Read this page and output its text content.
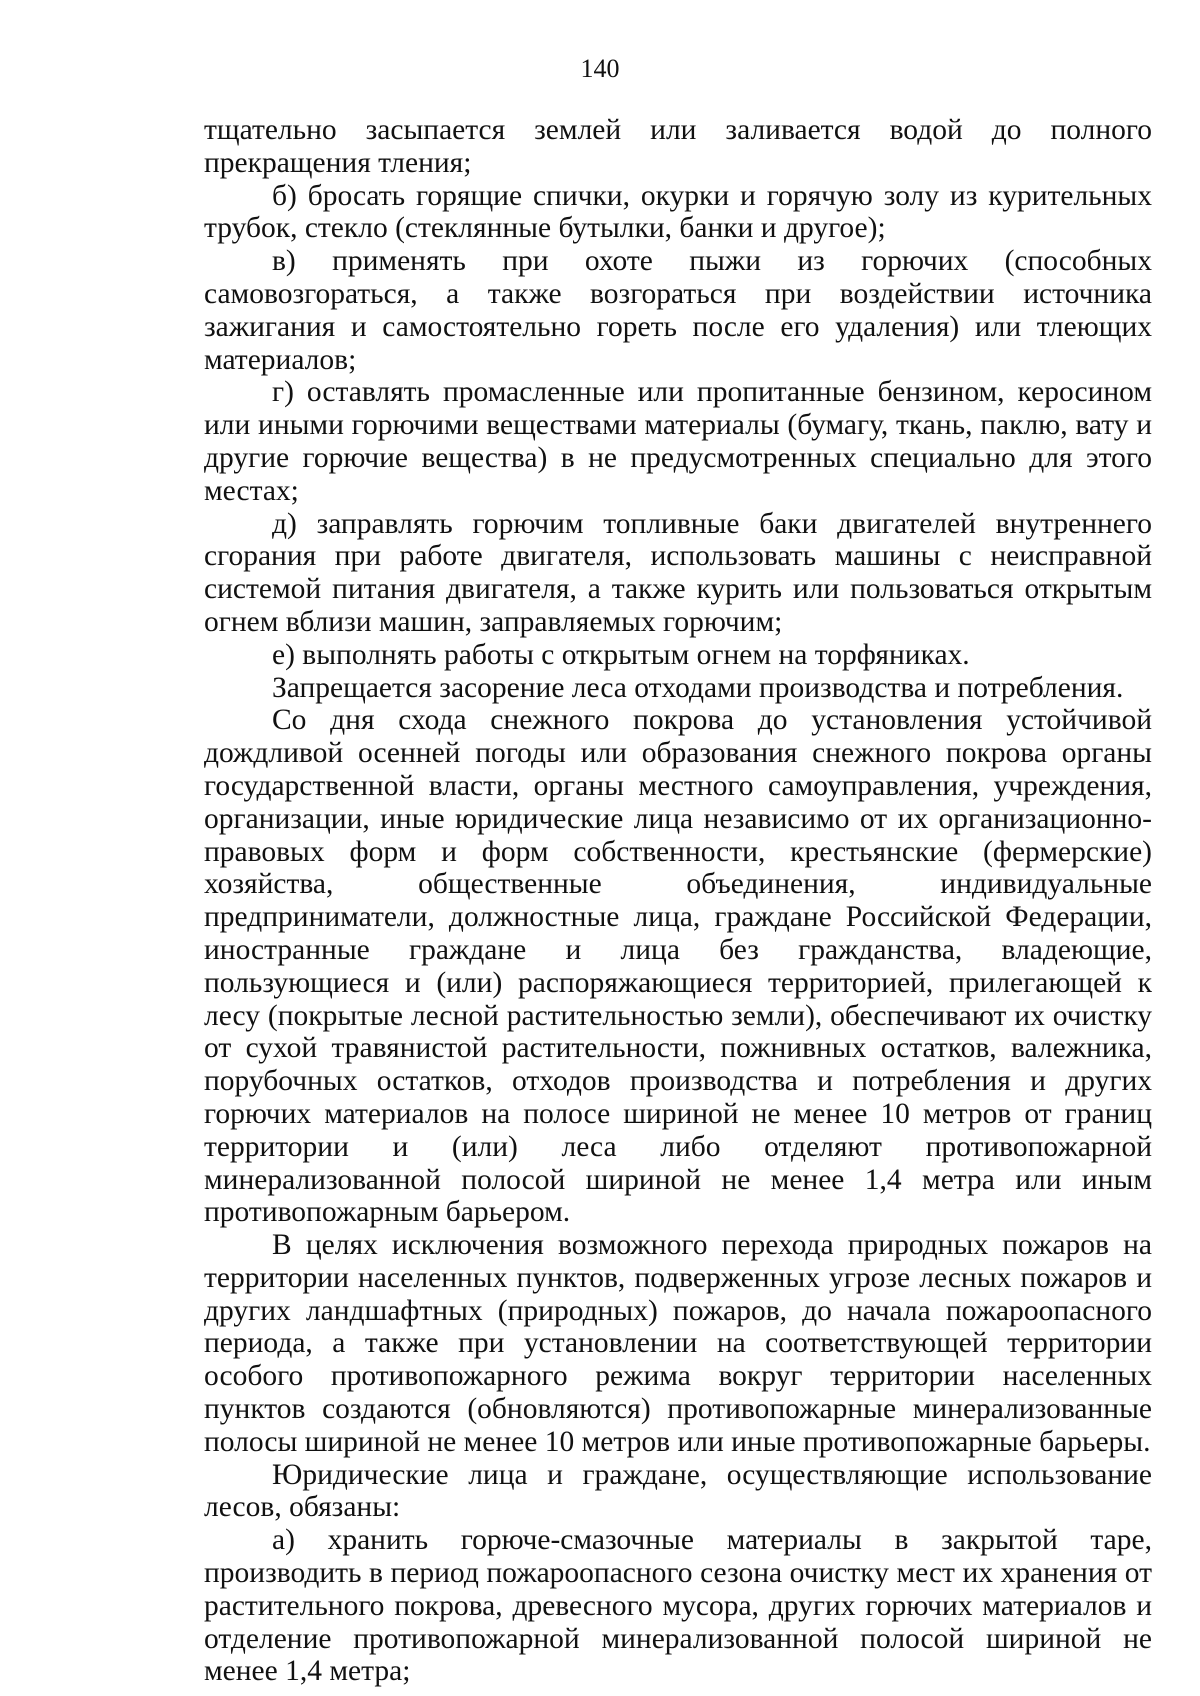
140

тщательно засыпается землей или заливается водой до полного прекращения тления;

б) бросать горящие спички, окурки и горячую золу из курительных трубок, стекло (стеклянные бутылки, банки и другое);

в) применять при охоте пыжи из горючих (способных самовозгораться, а также возгораться при воздействии источника зажигания и самостоятельно гореть после его удаления) или тлеющих материалов;

г) оставлять промасленные или пропитанные бензином, керосином или иными горючими веществами материалы (бумагу, ткань, паклю, вату и другие горючие вещества) в не предусмотренных специально для этого местах;

д) заправлять горючим топливные баки двигателей внутреннего сгорания при работе двигателя, использовать машины с неисправной системой питания двигателя, а также курить или пользоваться открытым огнем вблизи машин, заправляемых горючим;

е) выполнять работы с открытым огнем на торфяниках.

Запрещается засорение леса отходами производства и потребления.

Со дня схода снежного покрова до установления устойчивой дождливой осенней погоды или образования снежного покрова органы государственной власти, органы местного самоуправления, учреждения, организации, иные юридические лица независимо от их организационно-правовых форм и форм собственности, крестьянские (фермерские) хозяйства, общественные объединения, индивидуальные предприниматели, должностные лица, граждане Российской Федерации, иностранные граждане и лица без гражданства, владеющие, пользующиеся и (или) распоряжающиеся территорией, прилегающей к лесу (покрытые лесной растительностью земли), обеспечивают их очистку от сухой травянистой растительности, пожнивных остатков, валежника, порубочных остатков, отходов производства и потребления и других горючих материалов на полосе шириной не менее 10 метров от границ территории и (или) леса либо отделяют противопожарной минерализованной полосой шириной не менее 1,4 метра или иным противопожарным барьером.

В целях исключения возможного перехода природных пожаров на территории населенных пунктов, подверженных угрозе лесных пожаров и других ландшафтных (природных) пожаров, до начала пожароопасного периода, а также при установлении на соответствующей территории особого противопожарного режима вокруг территории населенных пунктов создаются (обновляются) противопожарные минерализованные полосы шириной не менее 10 метров или иные противопожарные барьеры.

Юридические лица и граждане, осуществляющие использование лесов, обязаны:

а) хранить горюче-смазочные материалы в закрытой таре, производить в период пожароопасного сезона очистку мест их хранения от растительного покрова, древесного мусора, других горючих материалов и отделение противопожарной минерализованной полосой шириной не менее 1,4 метра;
